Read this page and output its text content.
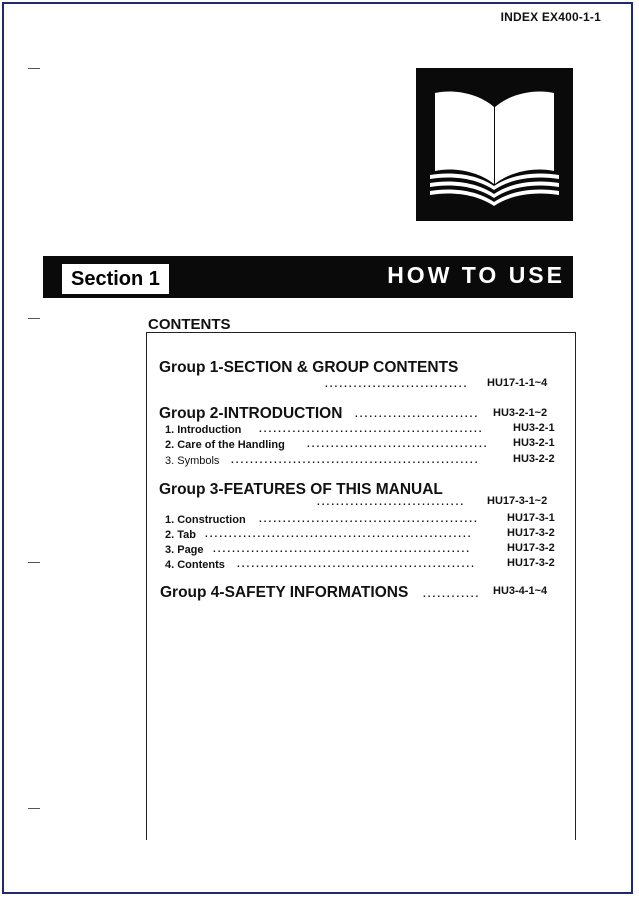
INDEX EX400-1-1
Section 1	HOW TO USE
CONTENTS
Group 1-SECTION & GROUP CONTENTS
..............................	HU17-1-1~4
Group 2-INTRODUCTION	..........................	HU3-2-1~2
1. Introduction	...............................................	HU3-2-1
2. Care of the Handling	......................................	HU3-2-1
3. Symbols	....................................................	HU3-2-2
Group 3-FEATURES OF THIS MANUAL
...............................	HU17-3-1~2
1. Construction	..............................................	HU17-3-1
2. Tab ........................................................	HU17-3-2
3. Page ......................................................	HU17-3-2
4. Contents	..................................................	HU17-3-2
Group 4-SAFETY INFORMATIONS	............ HU3-4-1~4
